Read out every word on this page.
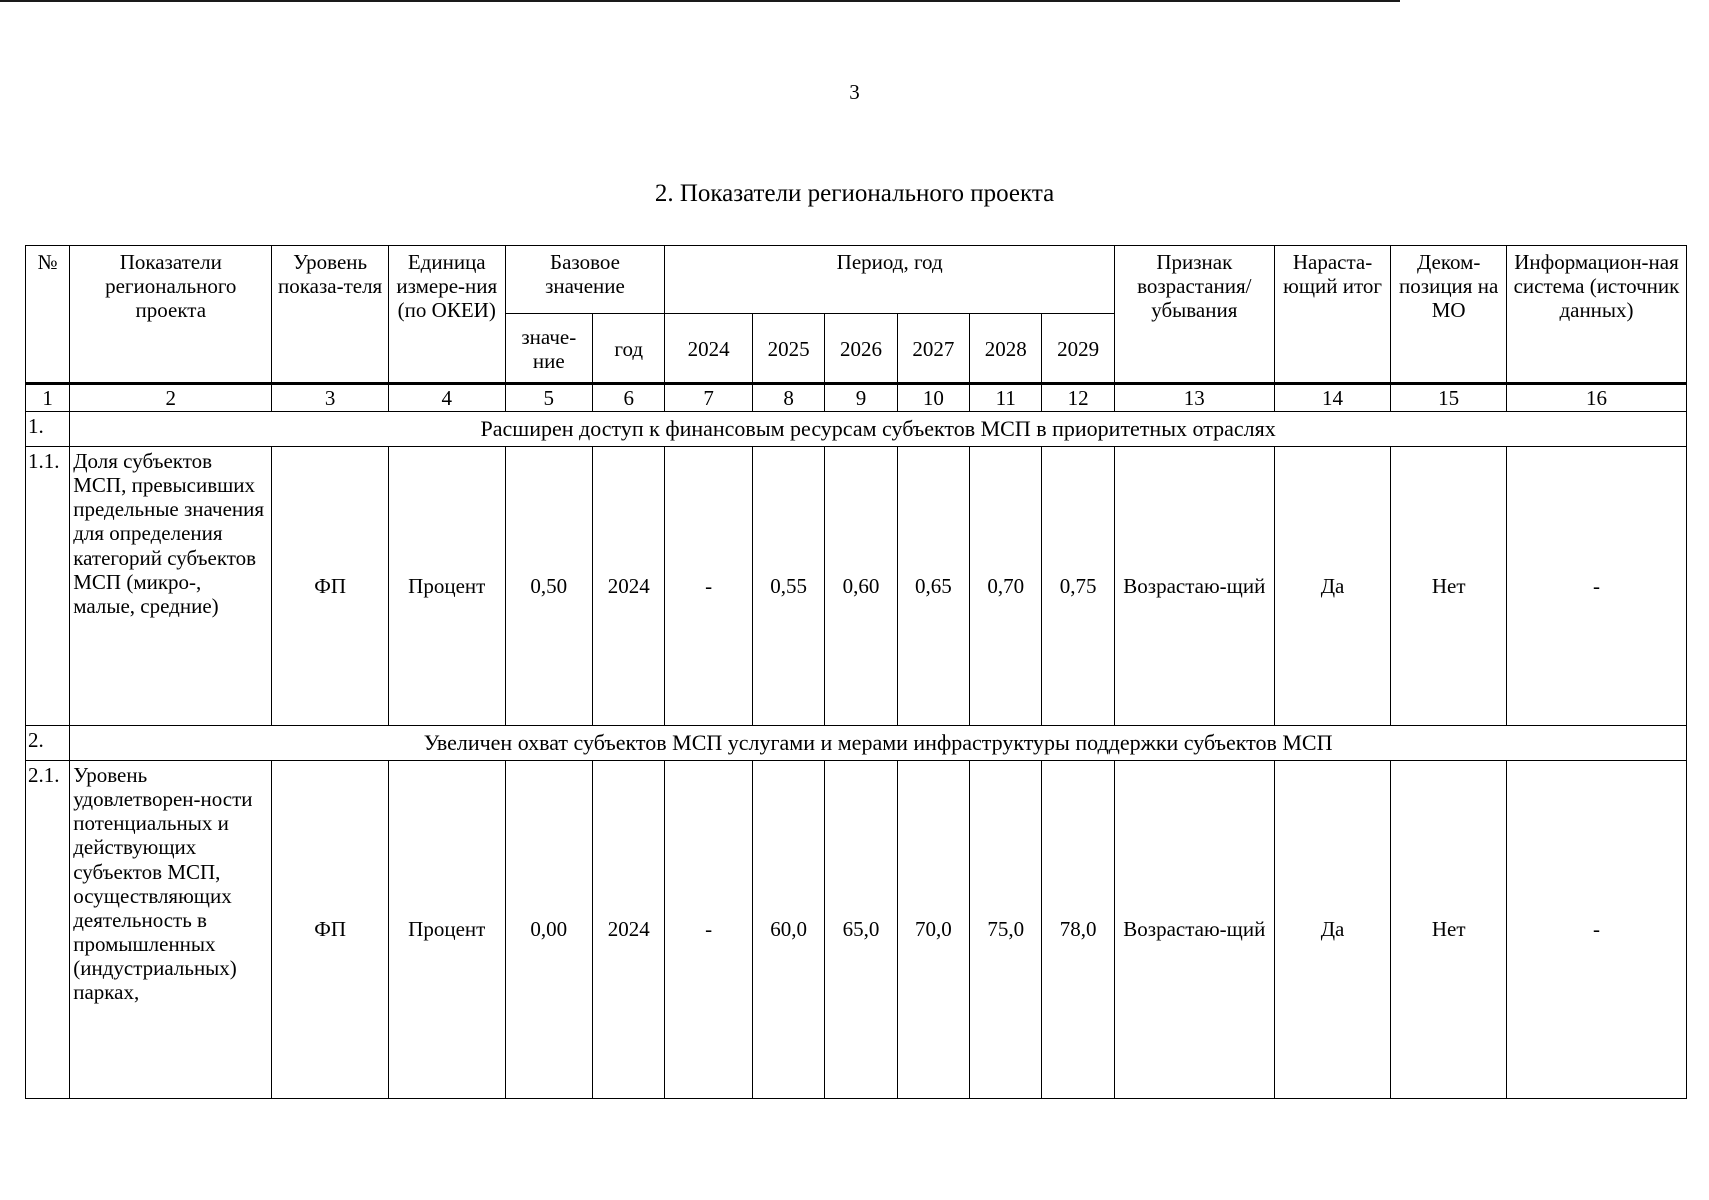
3
2. Показатели регионального проекта
№	Показатели регионального проекта	Уровень показа-теля	Единица измере-ния (по ОКЕИ)	Базовое значение		Период, год						Признак возрастания/ убывания	Нараста-ющий итог	Деком-позиция на МО	Информацион-ная система (источник данных)
				значе-ние	год	2024	2025	2026	2027	2028	2029				
1	2	3	4	5	6	7	8	9	10	11	12	13	14	15	16
1.	Расширен доступ к финансовым ресурсам субъектов МСП в приоритетных отраслях														
1.1.	Доля субъектов МСП, превысивших предельные значения для определения категорий субъектов МСП (микро-, малые, средние)	ФП	Процент	0,50	2024	-	0,55	0,60	0,65	0,70	0,75	Возрастаю-щий	Да	Нет	-
2.	Увеличен охват субъектов МСП услугами и мерами инфраструктуры поддержки субъектов МСП														
2.1.	Уровень удовлетворен-ности потенциальных и действующих субъектов МСП, осуществляющих деятельность в промышленных (индустриальных) парках,	ФП	Процент	0,00	2024	-	60,0	65,0	70,0	75,0	78,0	Возрастаю-щий	Да	Нет	-
